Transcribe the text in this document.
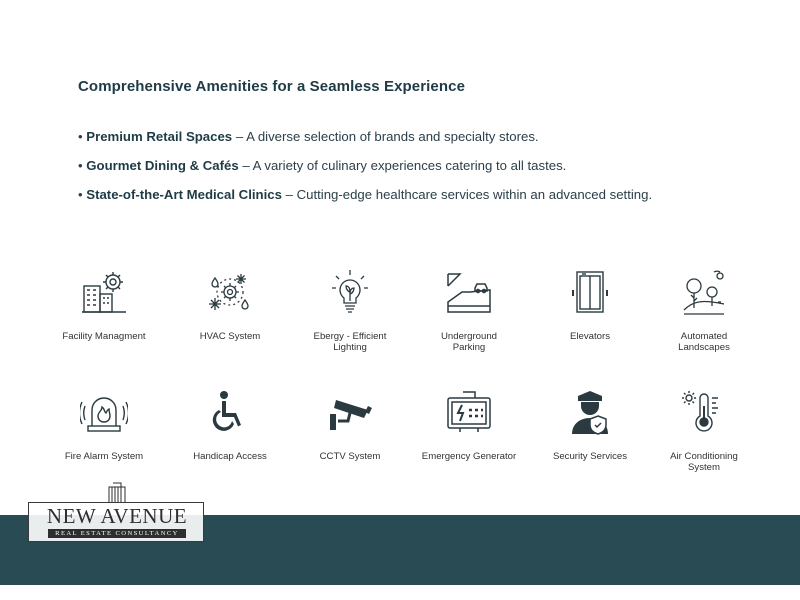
Comprehensive Amenities for a Seamless Experience
• Premium Retail Spaces – A diverse selection of brands and specialty stores.
• Gourmet Dining & Cafés – A variety of culinary experiences catering to all tastes.
• State-of-the-Art Medical Clinics – Cutting-edge healthcare services within an advanced setting.
Facility Managment	HVAC System	Ebergy - Efficient
Lighting
Underground
Parking
Elevators	Automated
Landscapes
Fire Alarm System	Handicap Access	CCTV System	Emergency Generator	Security Services	Air Conditioning
System
NEW AVENUE
REAL ESTATE CONSULTANCY
